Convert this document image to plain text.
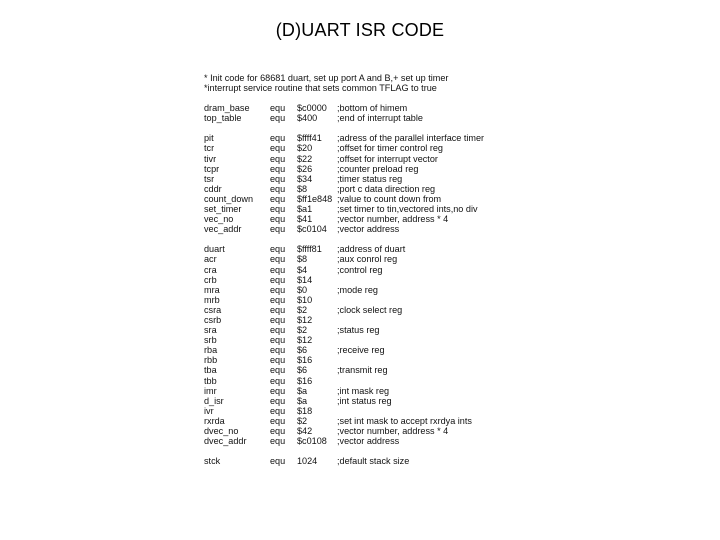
(D)UART ISR CODE
* Init code for 68681 duart, set up port A and B,+ set up timer
*interrupt service routine that sets common TFLAG to true
dram_base	equ	$c0000	;bottom of himem
top_table	equ	$400	;end of interrupt table
pit	equ	$ffff41	;adress of the parallel interface timer
tcr	equ	$20	;offset for timer control reg
tivr	equ	$22	;offset for interrupt vector
tcpr	equ	$26	;counter preload reg
tsr	equ	$34	;timer status reg
cddr	equ	$8	;port c data direction reg
count_down	equ	$ff1e848 ;value to count down from
set_timer	equ	$a1	;set timer to tin,vectored ints,no div
vec_no	equ	$41	;vector number, address * 4
vec_addr	equ	$c0104	;vector address
duart	equ	$ffff81	;address of duart
acr	equ	$8	;aux conrol reg
cra	equ	$4	;control reg
crb	equ	$14
mra	equ	$0	;mode reg
mrb	equ	$10
csra	equ	$2	;clock select reg
csrb	equ	$12
sra	equ	$2	;status reg
srb	equ	$12
rba	equ	$6	;receive reg
rbb	equ	$16
tba	equ	$6	;transmit reg
tbb	equ	$16
imr	equ	$a	;int mask reg
d_isr	equ	$a	;int status reg
ivr	equ	$18
rxrda	equ	$2	;set int mask to accept rxrdya ints
dvec_no	equ	$42	;vector number, address * 4
dvec_addr	equ	$c0108	;vector address
stck	equ	1024	;default stack size
